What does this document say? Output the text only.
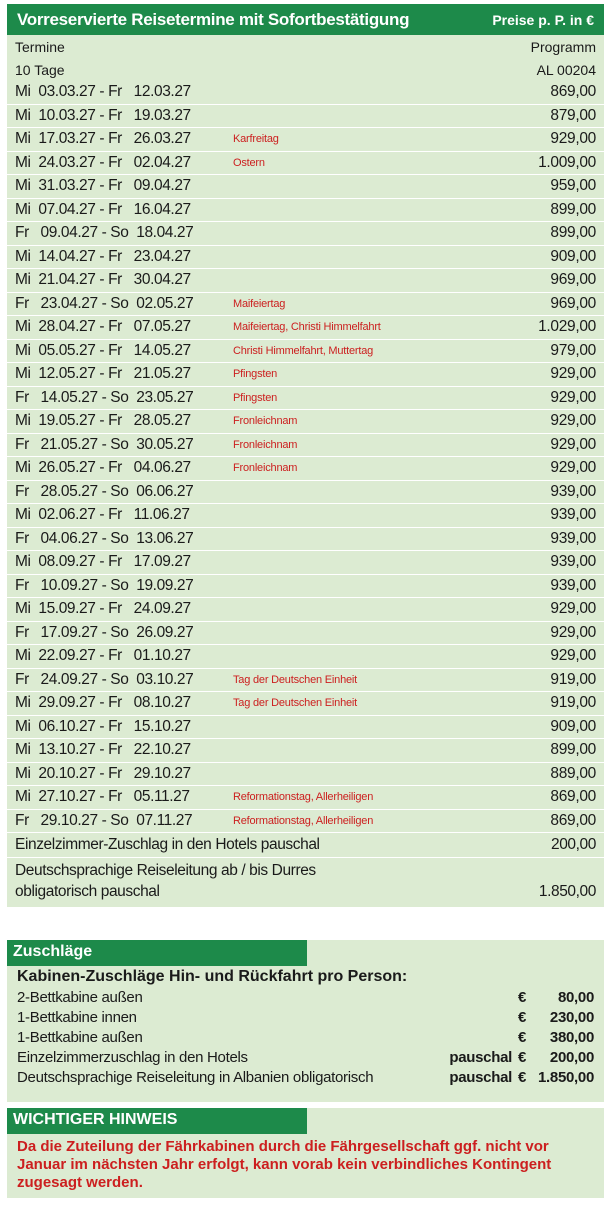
Vorreservierte Reisetermine mit Sofortbestätigung	Preise p. P. in €
Termine	Programm
10 Tage	AL 00204
Mi  03.03.27 - Fr   12.03.27	869,00
Mi  10.03.27 - Fr   19.03.27	879,00
Mi  17.03.27 - Fr   26.03.27	Karfreitag	929,00
Mi  24.03.27 - Fr   02.04.27	Ostern	1.009,00
Mi  31.03.27 - Fr   09.04.27	959,00
Mi  07.04.27 - Fr   16.04.27	899,00
Fr   09.04.27 - So  18.04.27	899,00
Mi  14.04.27 - Fr   23.04.27	909,00
Mi  21.04.27 - Fr   30.04.27	969,00
Fr   23.04.27 - So  02.05.27	Maifeiertag	969,00
Mi  28.04.27 - Fr   07.05.27	Maifeiertag, Christi Himmelfahrt	1.029,00
Mi  05.05.27 - Fr   14.05.27	Christi Himmelfahrt, Muttertag	979,00
Mi  12.05.27 - Fr   21.05.27	Pfingsten	929,00
Fr   14.05.27 - So  23.05.27	Pfingsten	929,00
Mi  19.05.27 - Fr   28.05.27	Fronleichnam	929,00
Fr   21.05.27 - So  30.05.27	Fronleichnam	929,00
Mi  26.05.27 - Fr   04.06.27	Fronleichnam	929,00
Fr   28.05.27 - So  06.06.27	939,00
Mi  02.06.27 - Fr   11.06.27	939,00
Fr   04.06.27 - So  13.06.27	939,00
Mi  08.09.27 - Fr   17.09.27	939,00
Fr   10.09.27 - So  19.09.27	939,00
Mi  15.09.27 - Fr   24.09.27	929,00
Fr   17.09.27 - So  26.09.27	929,00
Mi  22.09.27 - Fr   01.10.27	929,00
Fr   24.09.27 - So  03.10.27	Tag der Deutschen Einheit	919,00
Mi  29.09.27 - Fr   08.10.27	Tag der Deutschen Einheit	919,00
Mi  06.10.27 - Fr   15.10.27	909,00
Mi  13.10.27 - Fr   22.10.27	899,00
Mi  20.10.27 - Fr   29.10.27	889,00
Mi  27.10.27 - Fr   05.11.27	Reformationstag, Allerheiligen	869,00
Fr   29.10.27 - So  07.11.27	Reformationstag, Allerheiligen	869,00
Einzelzimmer-Zuschlag in den Hotels pauschal	200,00
Deutschsprachige Reiseleitung ab / bis Durres
obligatorisch pauschal	1.850,00
Zuschläge
Kabinen-Zuschläge Hin- und Rückfahrt pro Person:
2-Bettkabine außen	€	80,00
1-Bettkabine innen	€	230,00
1-Bettkabine außen	€	380,00
Einzelzimmerzuschlag in den Hotels	pauschal €	200,00
Deutschsprachige Reiseleitung in Albanien obligatorisch	pauschal € 1.850,00
WICHTIGER HINWEIS
Da die Zuteilung der Fährkabinen durch die Fährgesellschaft ggf. nicht vor Januar im nächsten Jahr erfolgt, kann vorab kein verbindliches Kontingent zugesagt werden.
